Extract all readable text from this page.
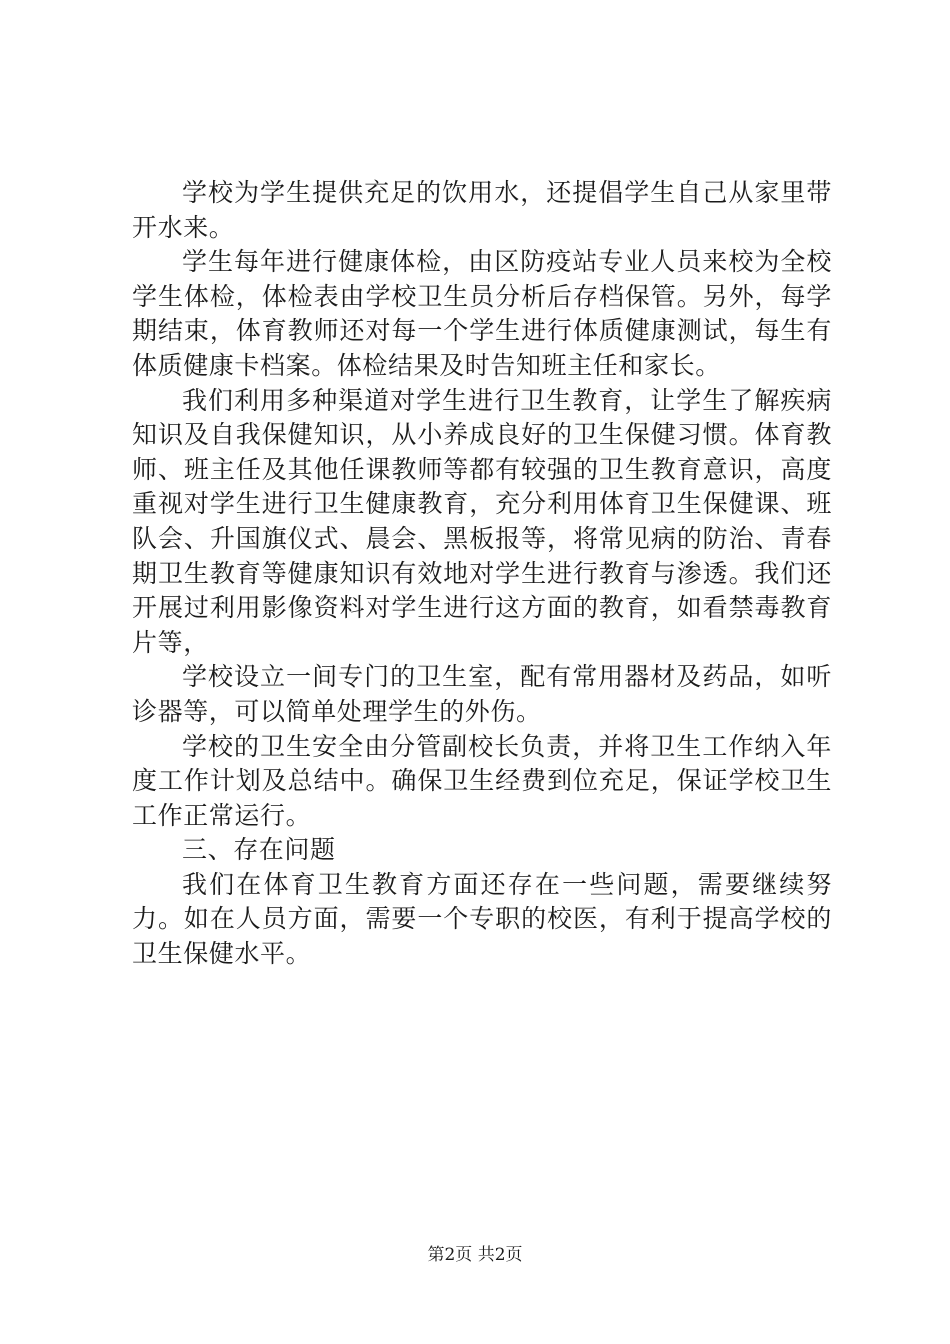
学校为学生提供充足的饮用水，还提倡学生自己从家里带开水来。

学生每年进行健康体检，由区防疫站专业人员来校为全校学生体检，体检表由学校卫生员分析后存档保管。另外，每学期结束，体育教师还对每一个学生进行体质健康测试，每生有体质健康卡档案。体检结果及时告知班主任和家长。

我们利用多种渠道对学生进行卫生教育，让学生了解疾病知识及自我保健知识，从小养成良好的卫生保健习惯。体育教师、班主任及其他任课教师等都有较强的卫生教育意识，高度重视对学生进行卫生健康教育，充分利用体育卫生保健课、班队会、升国旗仪式、晨会、黑板报等，将常见病的防治、青春期卫生教育等健康知识有效地对学生进行教育与渗透。我们还开展过利用影像资料对学生进行这方面的教育，如看禁毒教育片等，

学校设立一间专门的卫生室，配有常用器材及药品，如听诊器等，可以简单处理学生的外伤。

学校的卫生安全由分管副校长负责，并将卫生工作纳入年度工作计划及总结中。确保卫生经费到位充足，保证学校卫生工作正常运行。

三、存在问题

我们在体育卫生教育方面还存在一些问题，需要继续努力。如在人员方面，需要一个专职的校医，有利于提高学校的卫生保健水平。

第2页 共2页
